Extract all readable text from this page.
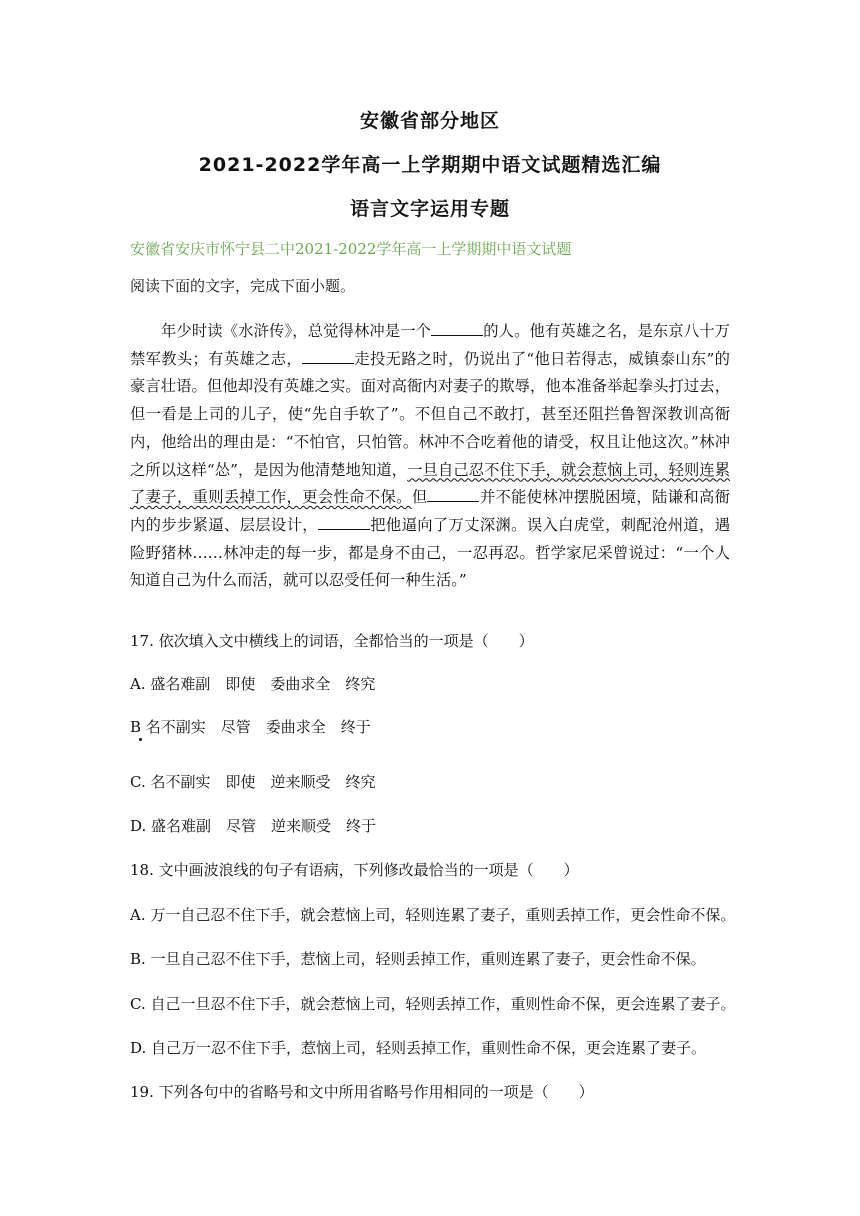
安徽省部分地区
2021-2022学年高一上学期期中语文试题精选汇编
语言文字运用专题
安徽省安庆市怀宁县二中2021-2022学年高一上学期期中语文试题
阅读下面的文字，完成下面小题。
年少时读《水浒传》，总觉得林冲是一个	的人。他有英雄之名，是东京八十万禁军教头；有英雄之志，	走投无路之时，仍说出了“他日若得志，威镇泰山东”的豪言壮语。但他却没有英雄之实。面对高衙内对妻子的欺辱，他本准备举起拳头打过去，但一看是上司的儿子，使“先自手软了”。不但自己不敢打，甚至还阻拦鲁智深教训高衙内，他给出的理由是：“不怕官，只怕管。林冲不合吃着他的请受，权且让他这次。”林冲之所以这样“怂”，是因为他清楚地知道，一旦自己忍不住下手，就会惹恼上司，轻则连累了妻子，重则丢掉工作，更会性命不保。但	并不能使林冲摆脱困境，陆谦和高衙内的步步紧逼、层层设计，	把他逼向了万丈深渊。误入白虎堂，刺配沧州道，遇险野猪林……林冲走的每一步，都是身不由己，一忍再忍。哲学家尼采曾说过：“一个人知道自己为什么而活，就可以忍受任何一种生活。”
17. 依次填入文中横线上的词语，全都恰当的一项是（　　）
A. 盛名难副　即使　委曲求全　终究
B 名不副实　尽管　委曲求全　终于
C. 名不副实　即使　逆来顺受　终究
D. 盛名难副　尽管　逆来顺受　终于
18. 文中画波浪线的句子有语病，下列修改最恰当的一项是（　　）
A. 万一自己忍不住下手，就会惹恼上司，轻则连累了妻子，重则丢掉工作，更会性命不保。
B. 一旦自己忍不住下手，惹恼上司，轻则丢掉工作，重则连累了妻子，更会性命不保。
C. 自己一旦忍不住下手，就会惹恼上司，轻则丢掉工作，重则性命不保，更会连累了妻子。
D. 自己万一忍不住下手，惹恼上司，轻则丢掉工作，重则性命不保，更会连累了妻子。
19. 下列各句中的省略号和文中所用省略号作用相同的一项是（　　）
